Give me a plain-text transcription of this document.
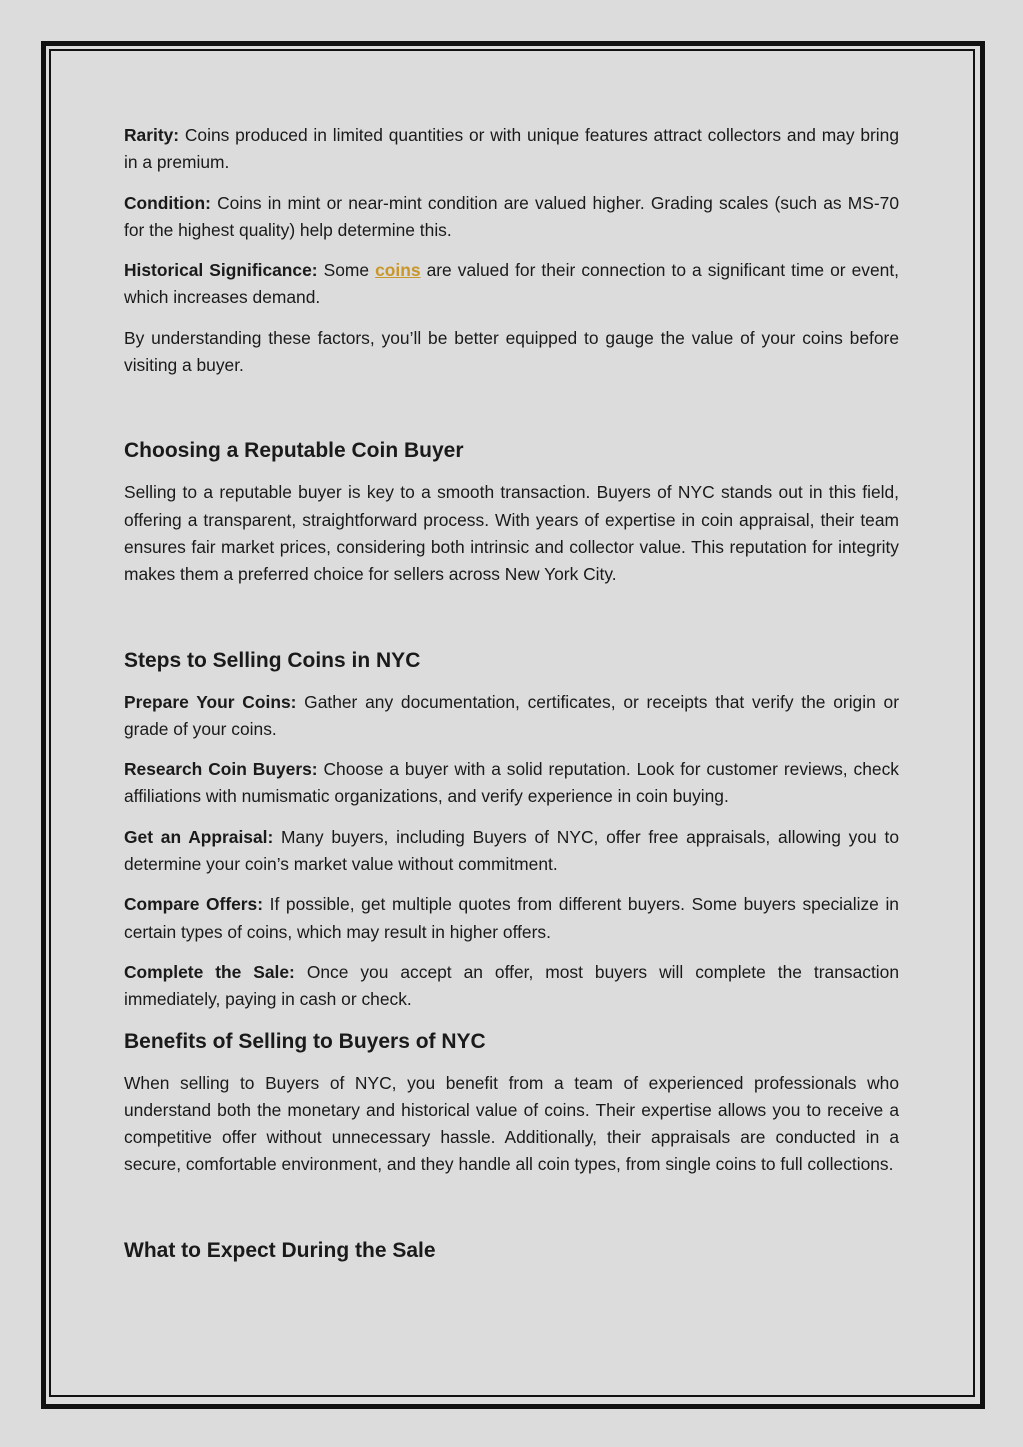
Rarity: Coins produced in limited quantities or with unique features attract collectors and may bring in a premium.

Condition: Coins in mint or near-mint condition are valued higher. Grading scales (such as MS-70 for the highest quality) help determine this.

Historical Significance: Some coins are valued for their connection to a significant time or event, which increases demand.

By understanding these factors, you’ll be better equipped to gauge the value of your coins before visiting a buyer.

Choosing a Reputable Coin Buyer

Selling to a reputable buyer is key to a smooth transaction. Buyers of NYC stands out in this field, offering a transparent, straightforward process. With years of expertise in coin appraisal, their team ensures fair market prices, considering both intrinsic and collector value. This reputation for integrity makes them a preferred choice for sellers across New York City.

Steps to Selling Coins in NYC

Prepare Your Coins: Gather any documentation, certificates, or receipts that verify the origin or grade of your coins.

Research Coin Buyers: Choose a buyer with a solid reputation. Look for customer reviews, check affiliations with numismatic organizations, and verify experience in coin buying.

Get an Appraisal: Many buyers, including Buyers of NYC, offer free appraisals, allowing you to determine your coin’s market value without commitment.

Compare Offers: If possible, get multiple quotes from different buyers. Some buyers specialize in certain types of coins, which may result in higher offers.

Complete the Sale: Once you accept an offer, most buyers will complete the transaction immediately, paying in cash or check.

Benefits of Selling to Buyers of NYC

When selling to Buyers of NYC, you benefit from a team of experienced professionals who understand both the monetary and historical value of coins. Their expertise allows you to receive a competitive offer without unnecessary hassle. Additionally, their appraisals are conducted in a secure, comfortable environment, and they handle all coin types, from single coins to full collections.

What to Expect During the Sale
